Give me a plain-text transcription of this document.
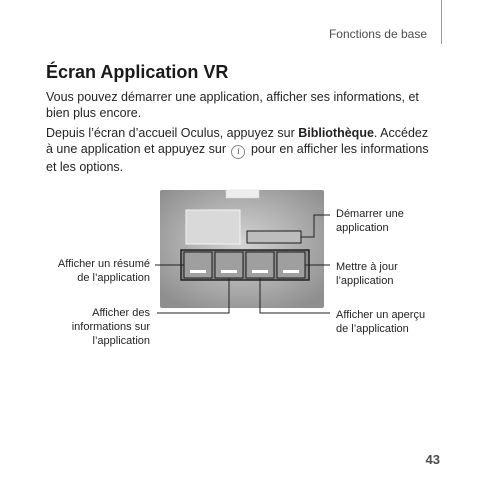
Fonctions de base
Écran Application VR

Vous pouvez démarrer une application, afficher ses informations, et bien plus encore.

Depuis l’écran d’accueil Oculus, appuyez sur Bibliothèque. Accédez à une application et appuyez sur i pour en afficher les informations et les options.

Démarrer une
application
Afficher un résumé
de l’application
Mettre à jour
l’application
Afficher des
informations sur
l’application
Afficher un aperçu
de l’application
43
